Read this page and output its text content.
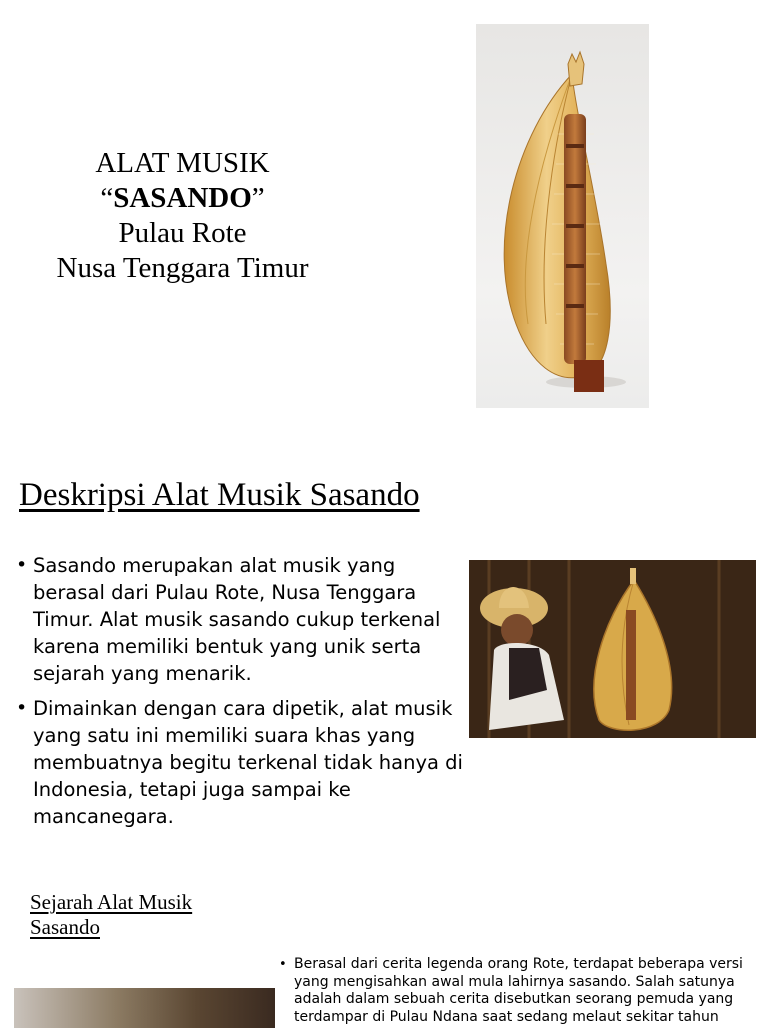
ALAT MUSIK
“SASANDO”
Pulau Rote
Nusa Tenggara Timur
Deskripsi Alat Musik Sasando
• Sasando merupakan alat musik yang berasal dari Pulau Rote, Nusa Tenggara Timur. Alat musik sasando cukup terkenal karena memiliki bentuk yang unik serta sejarah yang menarik.
• Dimainkan dengan cara dipetik, alat musik yang satu ini memiliki suara khas yang membuatnya begitu terkenal tidak hanya di Indonesia, tetapi juga sampai ke mancanegara.
Sejarah Alat Musik Sasando
• Berasal dari cerita legenda orang Rote, terdapat beberapa versi yang mengisahkan awal mula lahirnya sasando. Salah satunya adalah dalam sebuah cerita disebutkan seorang pemuda yang terdampar di Pulau Ndana saat sedang melaut sekitar tahun
